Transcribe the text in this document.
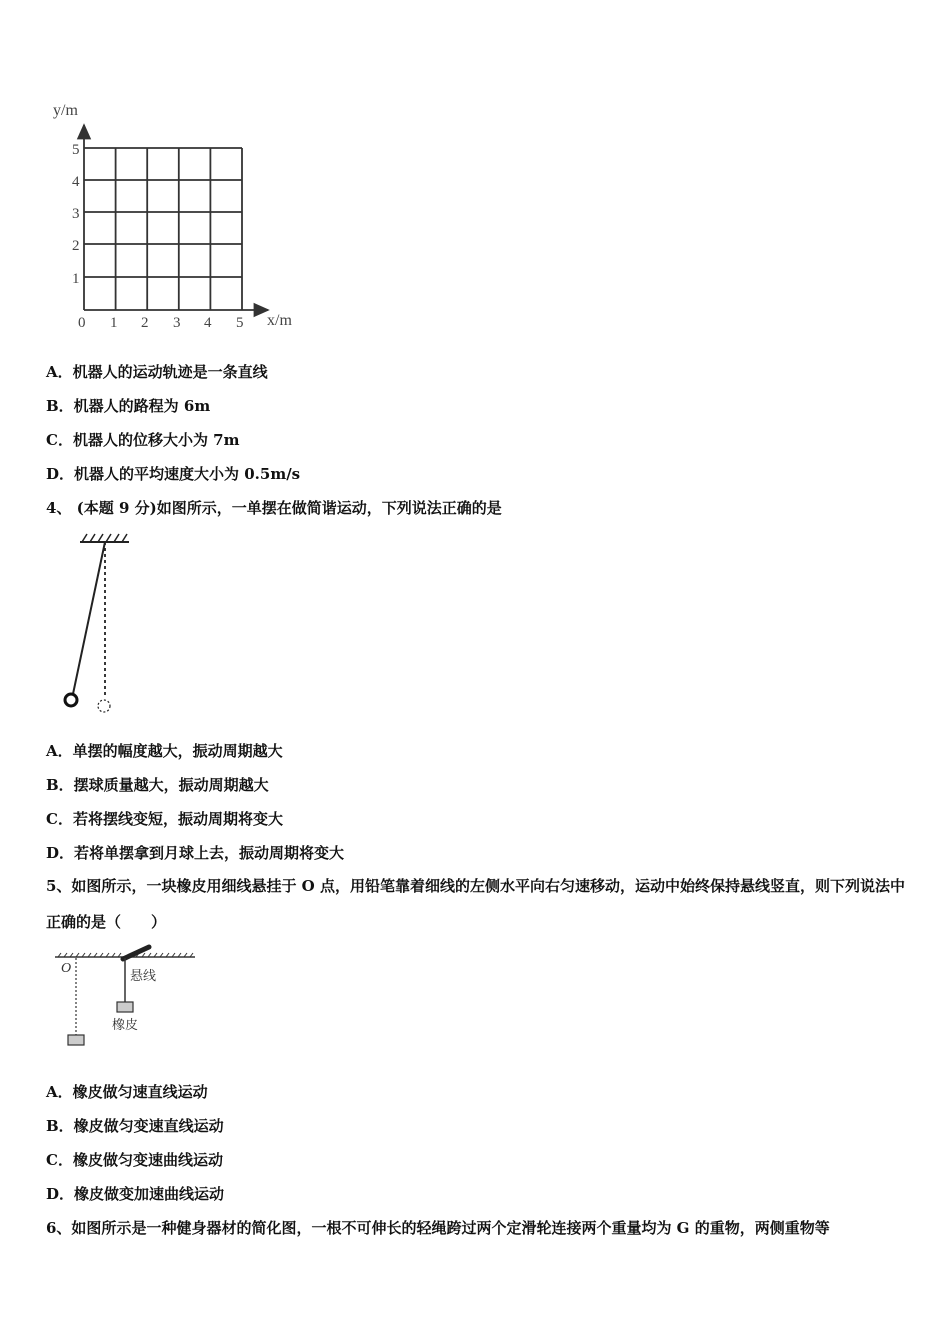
y/m
5
4
3
2
1
0 1 2 3 4 5 x/m
A．机器人的运动轨迹是一条直线
B．机器人的路程为 6m
C．机器人的位移大小为 7m
D．机器人的平均速度大小为 0.5m/s
4、 (本题 9 分)如图所示，一单摆在做简谐运动，下列说法正确的是
A．单摆的幅度越大，振动周期越大
B．摆球质量越大，振动周期越大
C．若将摆线变短，振动周期将变大
D．若将单摆拿到月球上去，振动周期将变大
5、如图所示，一块橡皮用细线悬挂于 O 点，用铅笔靠着细线的左侧水平向右匀速移动，运动中始终保持悬线竖直，则下列说法中正确的是（　　）
O	悬线
橡皮
A．橡皮做匀速直线运动
B．橡皮做匀变速直线运动
C．橡皮做匀变速曲线运动
D．橡皮做变加速曲线运动
6、如图所示是一种健身器材的简化图，一根不可伸长的轻绳跨过两个定滑轮连接两个重量均为 G 的重物，两侧重物等
